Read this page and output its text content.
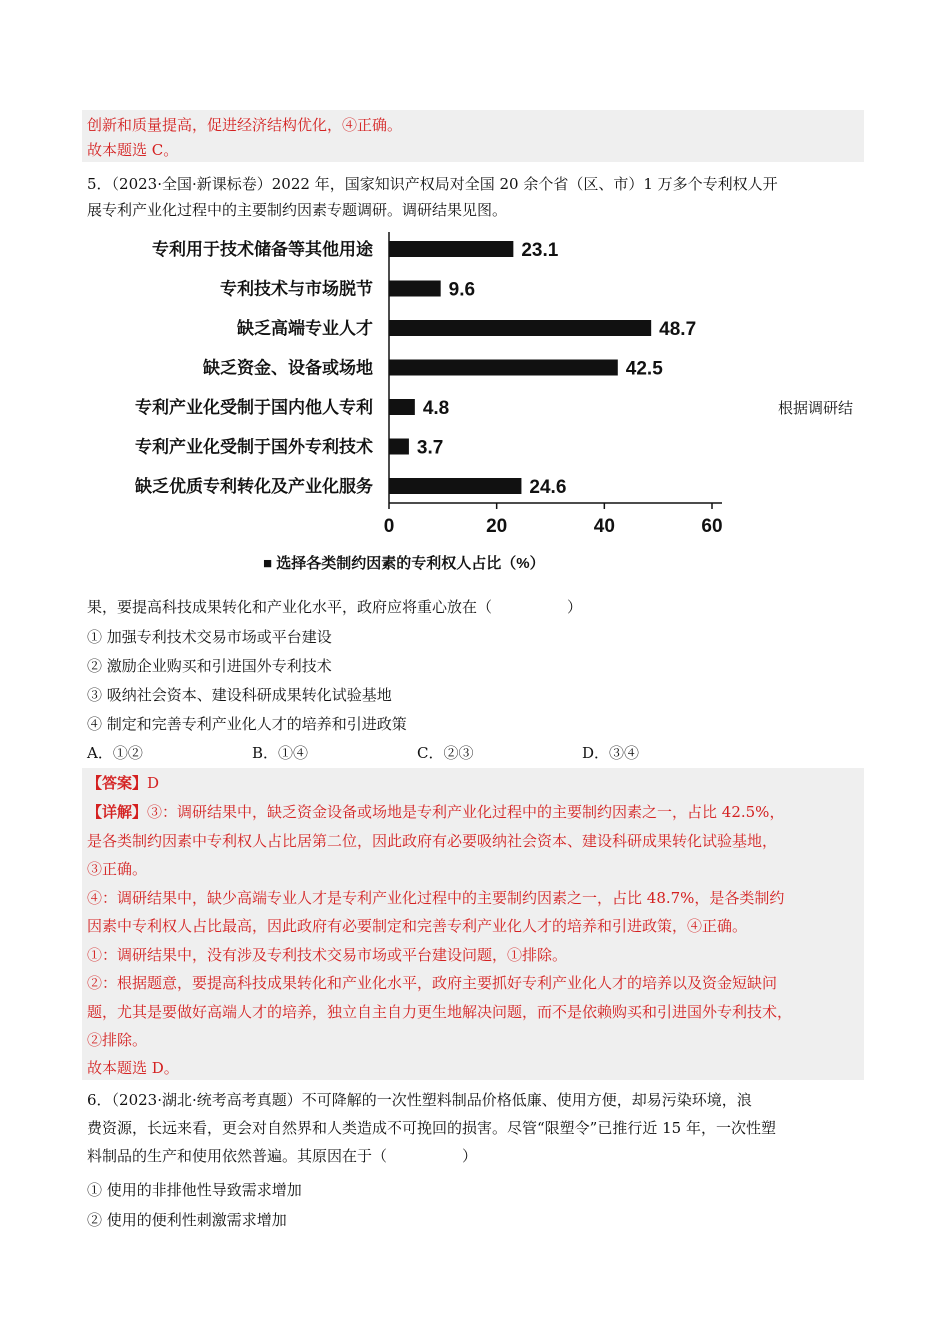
创新和质量提高，促进经济结构优化，④正确。
故本题选 C。
5．（2023·全国·新课标卷）2022 年，国家知识产权局对全国 20 余个省（区、市）1 万多个专利权人开
展专利产业化过程中的主要制约因素专题调研。调研结果见图。
专利用于技术储备等其他用途
专利技术与市场脱节
缺乏高端专业人才
缺乏资金、设备或场地
专利产业化受制于国内他人专利
专利产业化受制于国外专利技术
缺乏优质专利转化及产业化服务
23.1
9.6
48.7
42.5
4.8
3.7
24.6
0	20	40	60
■ 选择各类制约因素的专利权人占比（%）
根据调研结
果，要提高科技成果转化和产业化水平，政府应将重心放在（　　　　　）
① 加强专利技术交易市场或平台建设
② 激励企业购买和引进国外专利技术
③ 吸纳社会资本、建设科研成果转化试验基地
④ 制定和完善专利产业化人才的培养和引进政策
A．①②	B．①④	C．②③	D．③④
【答案】D
【详解】③：调研结果中，缺乏资金设备或场地是专利产业化过程中的主要制约因素之一，占比 42.5%，
是各类制约因素中专利权人占比居第二位，因此政府有必要吸纳社会资本、建设科研成果转化试验基地，
③正确。
④：调研结果中，缺少高端专业人才是专利产业化过程中的主要制约因素之一，占比 48.7%，是各类制约
因素中专利权人占比最高，因此政府有必要制定和完善专利产业化人才的培养和引进政策，④正确。
①：调研结果中，没有涉及专利技术交易市场或平台建设问题，①排除。
②：根据题意，要提高科技成果转化和产业化水平，政府主要抓好专利产业化人才的培养以及资金短缺问
题，尤其是要做好高端人才的培养，独立自主自力更生地解决问题，而不是依赖购买和引进国外专利技术，
②排除。
故本题选 D。
6．（2023·湖北·统考高考真题）不可降解的一次性塑料制品价格低廉、使用方便，却易污染环境，浪
费资源，长远来看，更会对自然界和人类造成不可挽回的损害。尽管“限塑令”已推行近 15 年，一次性塑
料制品的生产和使用依然普遍。其原因在于（　　　　　）
① 使用的非排他性导致需求增加
② 使用的便利性刺激需求增加
